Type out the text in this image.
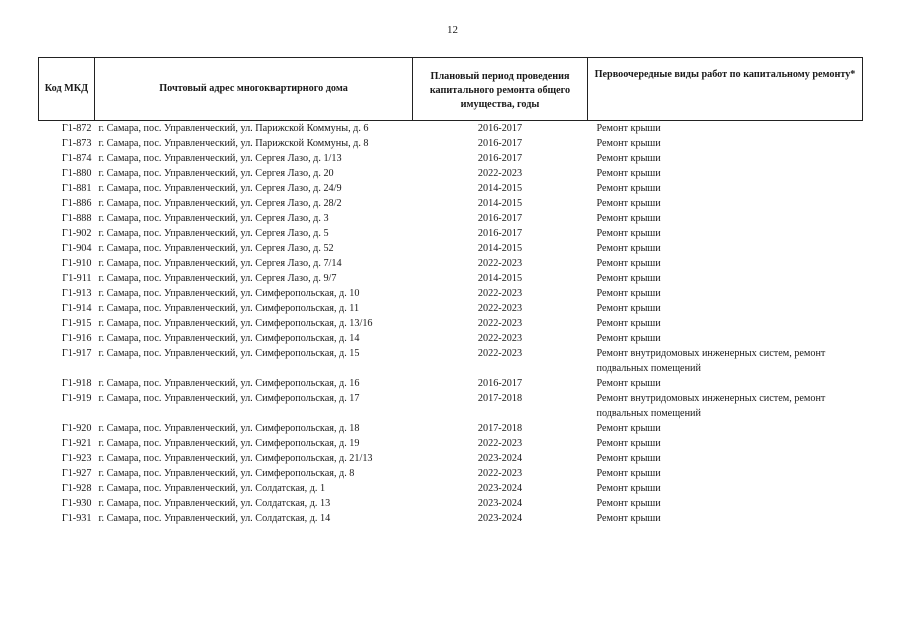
12
Код МКД	Почтовый адрес многоквартирного дома	Плановый период проведения капитального ремонта общего имущества, годы	Первоочередные виды работ по капитальному ремонту*
Г1-872	г. Самара, пос. Управленческий, ул. Парижской Коммуны, д. 6	2016-2017	Ремонт крыши
Г1-873	г. Самара, пос. Управленческий, ул. Парижской Коммуны, д. 8	2016-2017	Ремонт крыши
Г1-874	г. Самара, пос. Управленческий, ул. Сергея Лазо, д. 1/13	2016-2017	Ремонт крыши
Г1-880	г. Самара, пос. Управленческий, ул. Сергея Лазо, д. 20	2022-2023	Ремонт крыши
Г1-881	г. Самара, пос. Управленческий, ул. Сергея Лазо, д. 24/9	2014-2015	Ремонт крыши
Г1-886	г. Самара, пос. Управленческий, ул. Сергея Лазо, д. 28/2	2014-2015	Ремонт крыши
Г1-888	г. Самара, пос. Управленческий, ул. Сергея Лазо, д. 3	2016-2017	Ремонт крыши
Г1-902	г. Самара, пос. Управленческий, ул. Сергея Лазо, д. 5	2016-2017	Ремонт крыши
Г1-904	г. Самара, пос. Управленческий, ул. Сергея Лазо, д. 52	2014-2015	Ремонт крыши
Г1-910	г. Самара, пос. Управленческий, ул. Сергея Лазо, д. 7/14	2022-2023	Ремонт крыши
Г1-911	г. Самара, пос. Управленческий, ул. Сергея Лазо, д. 9/7	2014-2015	Ремонт крыши
Г1-913	г. Самара, пос. Управленческий, ул. Симферопольская, д. 10	2022-2023	Ремонт крыши
Г1-914	г. Самара, пос. Управленческий, ул. Симферопольская, д. 11	2022-2023	Ремонт крыши
Г1-915	г. Самара, пос. Управленческий, ул. Симферопольская, д. 13/16	2022-2023	Ремонт крыши
Г1-916	г. Самара, пос. Управленческий, ул. Симферопольская, д. 14	2022-2023	Ремонт крыши
Г1-917	г. Самара, пос. Управленческий, ул. Симферопольская, д. 15	2022-2023	Ремонт внутридомовых инженерных систем, ремонт подвальных помещений
Г1-918	г. Самара, пос. Управленческий, ул. Симферопольская, д. 16	2016-2017	Ремонт крыши
Г1-919	г. Самара, пос. Управленческий, ул. Симферопольская, д. 17	2017-2018	Ремонт внутридомовых инженерных систем, ремонт подвальных помещений
Г1-920	г. Самара, пос. Управленческий, ул. Симферопольская, д. 18	2017-2018	Ремонт крыши
Г1-921	г. Самара, пос. Управленческий, ул. Симферопольская, д. 19	2022-2023	Ремонт крыши
Г1-923	г. Самара, пос. Управленческий, ул. Симферопольская, д. 21/13	2023-2024	Ремонт крыши
Г1-927	г. Самара, пос. Управленческий, ул. Симферопольская, д. 8	2022-2023	Ремонт крыши
Г1-928	г. Самара, пос. Управленческий, ул. Солдатская, д. 1	2023-2024	Ремонт крыши
Г1-930	г. Самара, пос. Управленческий, ул. Солдатская, д. 13	2023-2024	Ремонт крыши
Г1-931	г. Самара, пос. Управленческий, ул. Солдатская, д. 14	2023-2024	Ремонт крыши
